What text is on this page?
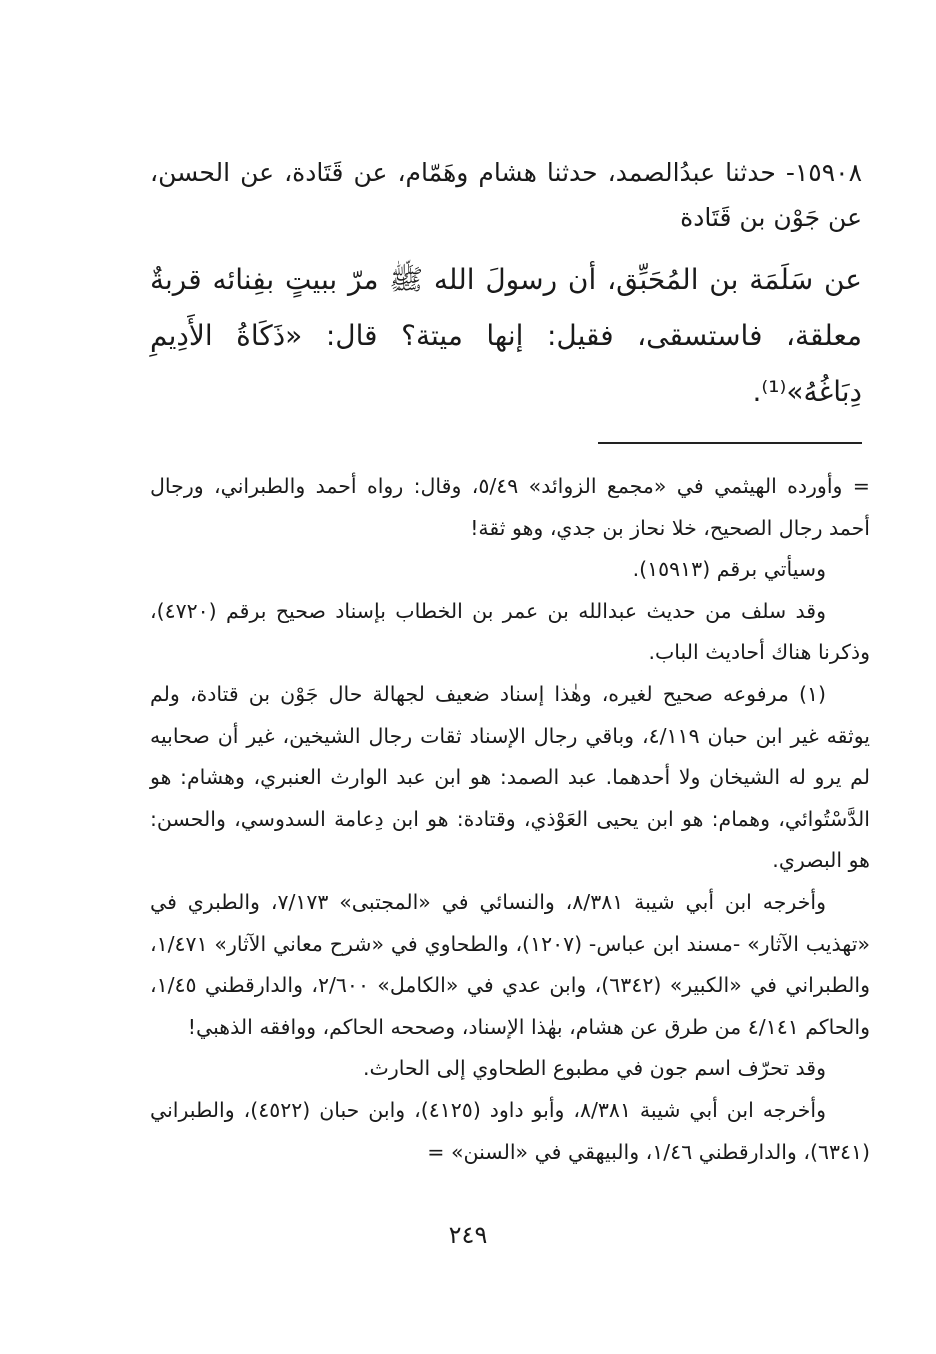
١٥٩٠٨- حدثنا عبدُالصمد، حدثنا هشام وهَمّام، عن قَتَادة، عن الحسن، عن جَوْن بن قَتَادة

عن سَلَمَة بن المُحَبِّق، أن رسولَ الله ﷺ مرّ ببيتٍ بفِنائه قربةٌ معلقة، فاستسقى، فقيل: إنها ميتة؟ قال: «ذَكَاةُ الأَدِيمِ دِبَاغُهُ»⁽¹⁾.

= وأورده الهيثمي في «مجمع الزوائد» ٥/٤٩، وقال: رواه أحمد والطبراني، ورجال أحمد رجال الصحيح، خلا نحاز بن جدي، وهو ثقة!

وسيأتي برقم (١٥٩١٣).

وقد سلف من حديث عبدالله بن عمر بن الخطاب بإسناد صحيح برقم (٤٧٢٠)، وذكرنا هناك أحاديث الباب.

(١) مرفوعه صحيح لغيره، وهٰذا إسناد ضعيف لجهالة حال جَوْن بن قتادة، ولم يوثقه غير ابن حبان ٤/١١٩، وباقي رجال الإسناد ثقات رجال الشيخين، غير أن صحابيه لم يرو له الشيخان ولا أحدهما. عبد الصمد: هو ابن عبد الوارث العنبري، وهشام: هو الدَّسْتُوائي، وهمام: هو ابن يحيى العَوْذي، وقتادة: هو ابن دِعامة السدوسي، والحسن: هو البصري.

وأخرجه ابن أبي شيبة ٨/٣٨١، والنسائي في «المجتبى» ٧/١٧٣، والطبري في «تهذيب الآثار» -مسند ابن عباس- (١٢٠٧)، والطحاوي في «شرح معاني الآثار» ١/٤٧١، والطبراني في «الكبير» (٦٣٤٢)، وابن عدي في «الكامل» ٢/٦٠٠، والدارقطني ١/٤٥، والحاكم ٤/١٤١ من طرق عن هشام، بهٰذا الإسناد، وصححه الحاكم، ووافقه الذهبي!

وقد تحرّف اسم جون في مطبوع الطحاوي إلى الحارث.

وأخرجه ابن أبي شيبة ٨/٣٨١، وأبو داود (٤١٢٥)، وابن حبان (٤٥٢٢)، والطبراني (٦٣٤١)، والدارقطني ١/٤٦، والبيهقي في «السنن» =

٢٤٩
